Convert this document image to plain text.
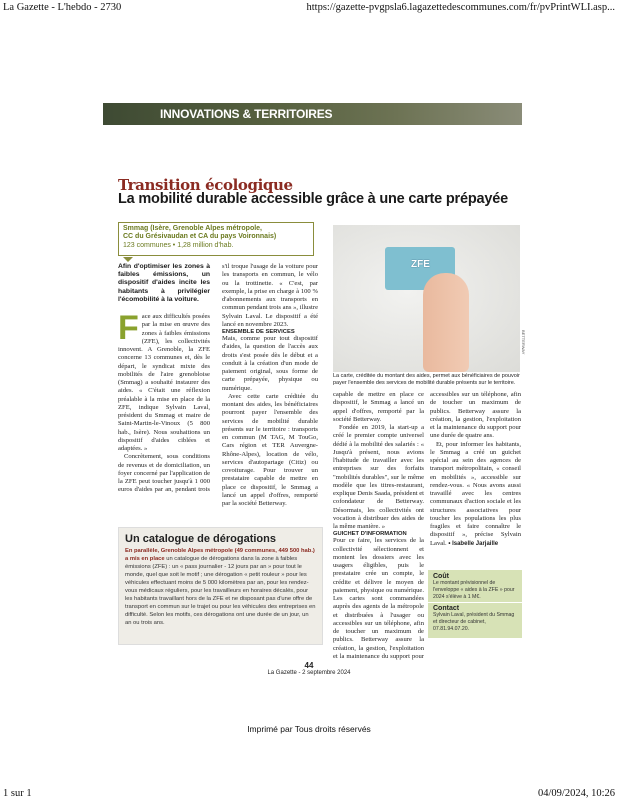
La Gazette - L'hebdo - 2730	https://gazette-pvgpsla6.lagazettedescommunes.com/fr/pvPrintWLI.asp...
INNOVATIONS & TERRITOIRES
Transition écologique
La mobilité durable accessible grâce à une carte prépayée
Smmag (Isère, Grenoble Alpes métropole,
CC du Grésivaudan et CA du pays Voironnais)
123 communes • 1,28 million d'hab.
Afin d'optimiser les zones à faibles émissions, un dispositif d'aides incite les habitants à privilégier l'écomobilité à la voiture.
F ace aux difficultés posées par la mise en œuvre des zones à faibles émissions (ZFE), les collectivités innovent. A Grenoble, la ZFE concerne 13 communes et, dès le départ, le syndicat mixte des mobilités de l'aire grenobloise (Smmag) a souhaité instaurer des aides. « C'était une réflexion préalable à la mise en place de la ZFE, indique Sylvain Laval, président du Smmag et maire de Saint-Martin-le-Vinoux (5 800 hab., Isère). Nous souhaitions un dispositif d'aides ciblées et adaptées. »

Concrètement, sous conditions de revenus et de domiciliation, un foyer concerné par l'application de la ZFE peut toucher jusqu'à 1 000 euros d'aides par an, pendant trois

s'il troque l'usage de la voiture pour les transports en commun, le vélo ou la trottinette. « C'est, par exemple, la prise en charge à 100 % d'abonnements aux transports en commun pendant trois ans », illustre Sylvain Laval. Le dispositif a été lancé en novembre 2023.

ENSEMBLE DE SERVICES

Mais, comme pour tout dispositif d'aides, la question de l'accès aux droits s'est posée dès le début et a conduit à la création d'un mode de paiement original, sous forme de carte prépayée, physique ou numérique.

Avec cette carte créditée du montant des aides, les bénéficiaires pourront payer l'ensemble des services de mobilité durable présents sur le territoire : transports en commun (M TAG, M TouGo, Cars région et TER Auvergne-Rhône-Alpes), location de vélo, services d'autopartage (Citiz) ou covoiturage. Pour trouver un prestataire capable de mettre en place ce dispositif, le Smmag a lancé un appel d'offres, remporté par la société Betterway.

ZFE
BETTERWAY
La carte, créditée du montant des aides, permet aux bénéficiaires de pouvoir payer l'ensemble des services de mobilité durable présents sur le territoire.

capable de mettre en place ce dispositif, le Smmag a lancé un appel d'offres, remporté par la société Betterway.

Fondée en 2019, la start-up a créé le premier compte universel dédié à la mobilité des salariés : « Jusqu'à présent, nous avions l'habitude de travailler avec les entreprises sur des forfaits "mobilités durables", sur le même modèle que les titres-restaurant, explique Denis Saada, président et cofondateur de Betterway. Désormais, les collectivités ont vocation à distribuer des aides de la même manière. »

GUICHET D'INFORMATION

Pour ce faire, les services de la collectivité sélectionnent et montent les dossiers avec les usagers éligibles, puis le prestataire crée un compte, le crédite et délivre le moyen de paiement, physique ou numérique. Les cartes sont commandées auprès des agents de la métropole et distribuées à l'usager ou accessibles sur un téléphone, afin de toucher un maximum de publics. Betterway assure la création, la gestion, l'exploitation et la maintenance du support pour

accessibles sur un téléphone, afin de toucher un maximum de publics. Betterway assure la création, la gestion, l'exploitation et la maintenance du support pour une durée de quatre ans.

Et, pour informer les habitants, le Smmag a créé un guichet spécial au sein des agences de transport métropolitain, « conseil en mobilités », accessible sur rendez-vous. « Nous avons aussi travaillé avec les centres communaux d'action sociale et les structures associatives pour toucher les populations les plus fragiles et faire connaître le dispositif », précise Sylvain Laval. • Isabelle Jarjaille

Un catalogue de dérogations
En parallèle, Grenoble Alpes métropole (49 communes, 449 500 hab.) a mis en place un catalogue de dérogations dans la zone à faibles émissions (ZFE) : un « pass journalier - 12 jours par an » pour tout le monde, quel que soit le motif ; une dérogation « petit rouleur » pour les véhicules effectuant moins de 5 000 kilomètres par an, pour les rendez-vous médicaux réguliers, pour les travailleurs en horaires décalés, pour les habitants travaillant hors de la ZFE et ne disposant pas d'une offre de transport en commun sur le trajet ou pour les véhicules des entreprises en difficulté. Selon les motifs, ces dérogations ont une durée de un jour, un an ou trois ans.
Coût
Le montant prévisionnel de l'enveloppe « aides à la ZFE » pour 2024 s'élève à 1 M€.
Contact
Sylvain Laval, président du Smmag et directeur de cabinet, 07.81.94.07.20.
44
La Gazette - 2 septembre 2024
Imprimé par Tous droits réservés
1 sur 1	04/09/2024, 10:26
